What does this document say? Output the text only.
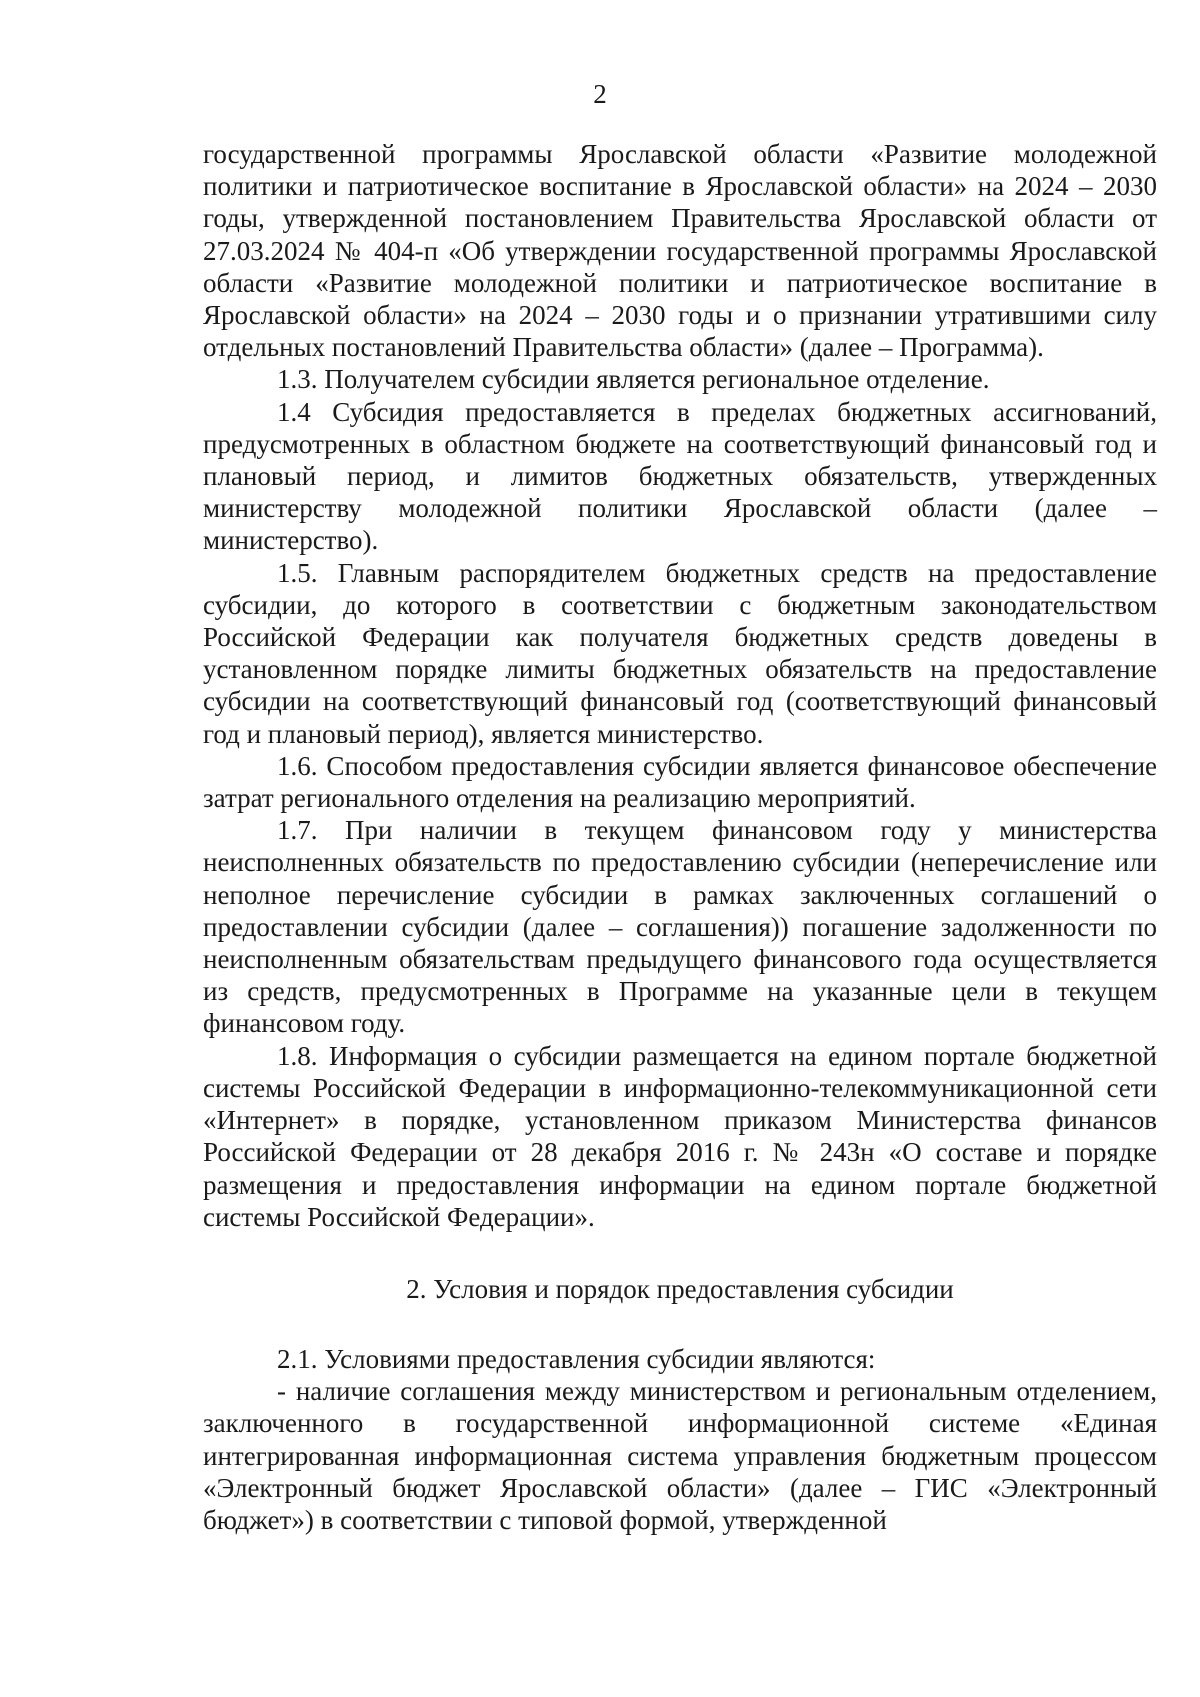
2

государственной программы Ярославской области «Развитие молодежной политики и патриотическое воспитание в Ярославской области» на 2024 – 2030 годы, утвержденной постановлением Правительства Ярославской области от 27.03.2024 № 404-п «Об утверждении государственной программы Ярославской области «Развитие молодежной политики и патриотическое воспитание в Ярославской области» на 2024 – 2030 годы и о признании утратившими силу отдельных постановлений Правительства области» (далее – Программа).

1.3. Получателем субсидии является региональное отделение.

1.4 Субсидия предоставляется в пределах бюджетных ассигнований, предусмотренных в областном бюджете на соответствующий финансовый год и плановый период, и лимитов бюджетных обязательств, утвержденных министерству молодежной политики Ярославской области (далее – министерство).

1.5. Главным распорядителем бюджетных средств на предоставление субсидии, до которого в соответствии с бюджетным законодательством Российской Федерации как получателя бюджетных средств доведены в установленном порядке лимиты бюджетных обязательств на предоставление субсидии на соответствующий финансовый год (соответствующий финансовый год и плановый период), является министерство.

1.6. Способом предоставления субсидии является финансовое обеспечение затрат регионального отделения на реализацию мероприятий.

1.7. При наличии в текущем финансовом году у министерства неисполненных обязательств по предоставлению субсидии (неперечисление или неполное перечисление субсидии в рамках заключенных соглашений о предоставлении субсидии (далее – соглашения)) погашение задолженности по неисполненным обязательствам предыдущего финансового года осуществляется из средств, предусмотренных в Программе на указанные цели в текущем финансовом году.

1.8. Информация о субсидии размещается на едином портале бюджетной системы Российской Федерации в информационно-телекоммуникационной сети «Интернет» в порядке, установленном приказом Министерства финансов Российской Федерации от 28 декабря 2016 г. № 243н «О составе и порядке размещения и предоставления информации на едином портале бюджетной системы Российской Федерации».

2. Условия и порядок предоставления субсидии

2.1. Условиями предоставления субсидии являются:

- наличие соглашения между министерством и региональным отделением, заключенного в государственной информационной системе «Единая интегрированная информационная система управления бюджетным процессом «Электронный бюджет Ярославской области» (далее – ГИС «Электронный бюджет») в соответствии с типовой формой, утвержденной
